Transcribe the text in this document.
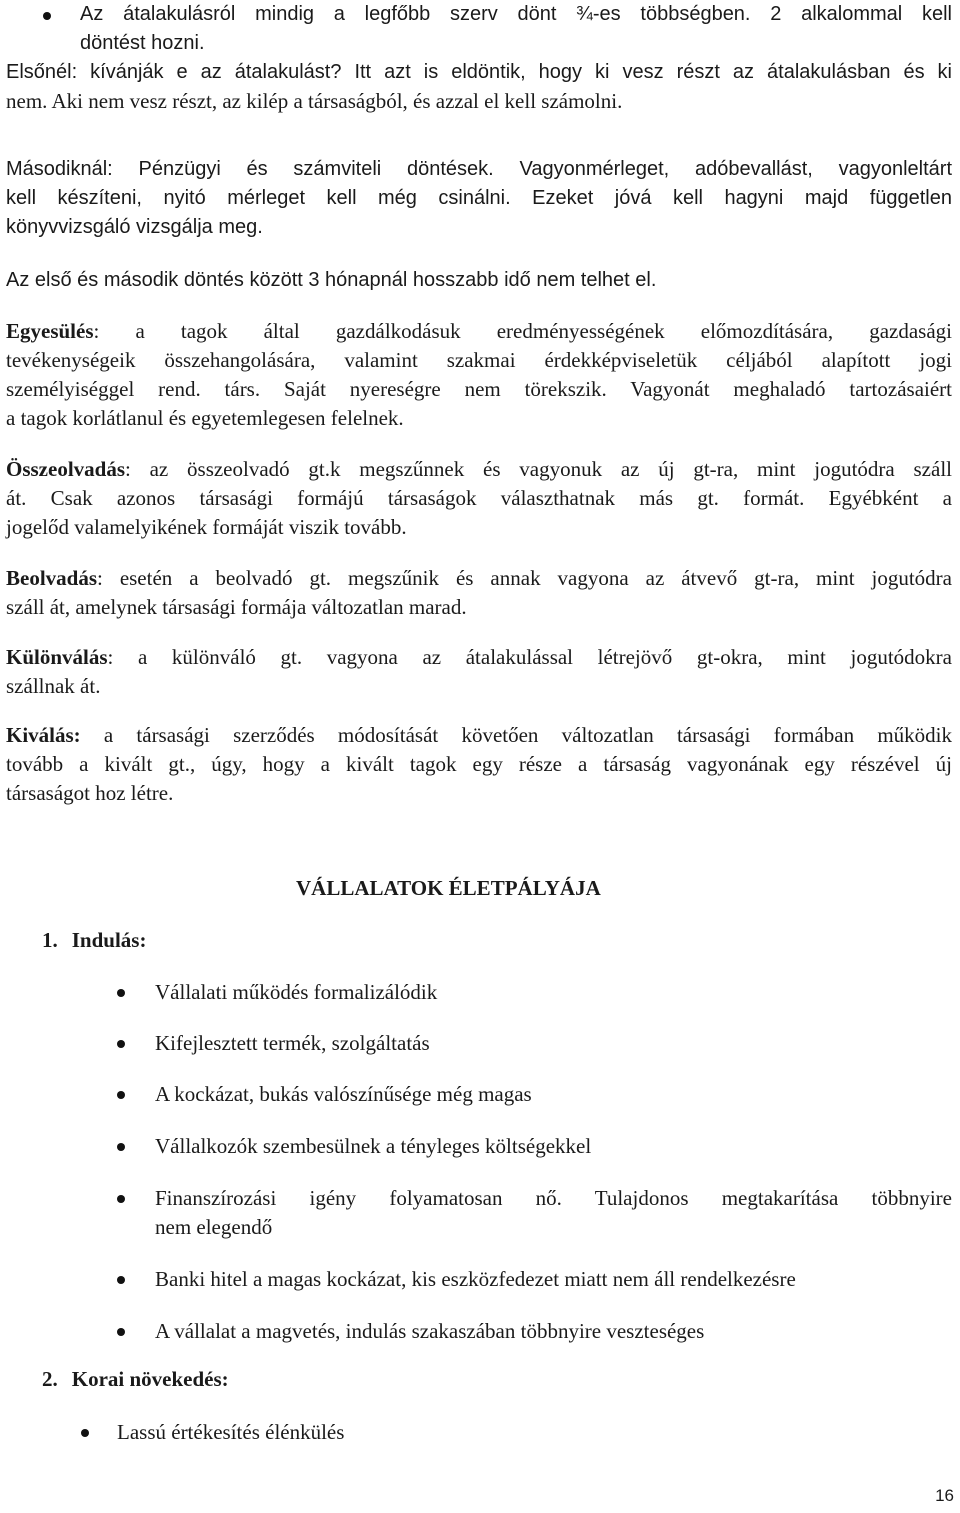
Az átalakulásról mindig a legfőbb szerv dönt ¾-es többségben. 2 alkalommal kell
döntést hozni.
Elsőnél: kívánják e az átalakulást? Itt azt is eldöntik, hogy ki vesz részt az átalakulásban és ki
nem. Aki nem vesz részt, az kilép a társaságból, és azzal el kell számolni.
Másodiknál: Pénzügyi és számviteli döntések. Vagyonmérleget, adóbevallást, vagyonleltárt
kell készíteni, nyitó mérleget kell még csinálni. Ezeket jóvá kell hagyni majd független
könyvvizsgáló vizsgálja meg.
Az első és második döntés között 3 hónapnál hosszabb idő nem telhet el.
Egyesülés: a tagok által gazdálkodásuk eredményességének előmozdítására, gazdasági
tevékenységeik összehangolására, valamint szakmai érdekképviseletük céljából alapított jogi
személyiséggel rend. társ. Saját nyereségre nem törekszik. Vagyonát meghaladó tartozásaiért
a tagok korlátlanul és egyetemlegesen felelnek.
Összeolvadás: az összeolvadó gt.k megszűnnek és vagyonuk az új gt-ra, mint jogutódra száll
át. Csak azonos társasági formájú társaságok választhatnak más gt. formát. Egyébként a
jogelőd valamelyikének formáját viszik tovább.
Beolvadás: esetén a beolvadó gt. megszűnik és annak vagyona az átvevő gt-ra, mint jogutódra
száll át, amelynek társasági formája változatlan marad.
Különválás: a különváló gt. vagyona az átalakulással létrejövő gt-okra, mint jogutódokra
szállnak át.
Kiválás: a társasági szerződés módosítását követően változatlan társasági formában működik
tovább a kivált gt., úgy, hogy a kivált tagok egy része a társaság vagyonának egy részével új
társaságot hoz létre.
VÁLLALATOK ÉLETPÁLYÁJA
1. Indulás:
Vállalati működés formalizálódik
Kifejlesztett termék, szolgáltatás
A kockázat, bukás valószínűsége még magas
Vállalkozók szembesülnek a tényleges költségekkel
Finanszírozási igény folyamatosan nő. Tulajdonos megtakarítása többnyire
nem elegendő
Banki hitel a magas kockázat, kis eszközfedezet miatt nem áll rendelkezésre
A vállalat a magvetés, indulás szakaszában többnyire veszteséges
2. Korai növekedés:
Lassú értékesítés élénkülés
16
